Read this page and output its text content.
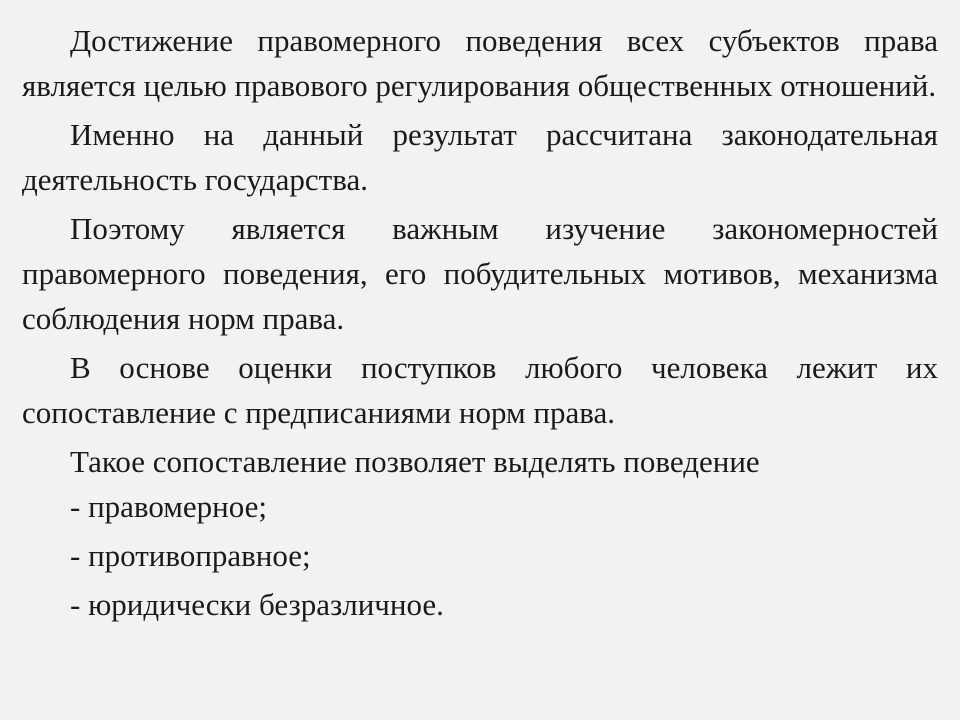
Достижение правомерного поведения всех субъектов права является целью правового регулирования общественных отношений.

Именно на данный результат рассчитана законодательная деятельность государства.

Поэтому является важным изучение закономерностей правомерного поведения, его побудительных мотивов, механизма соблюдения норм права.

В основе оценки поступков любого человека лежит их сопоставление с предписаниями норм права.

Такое сопоставление позволяет выделять поведение

- правомерное;

- противоправное;

- юридически безразличное.
